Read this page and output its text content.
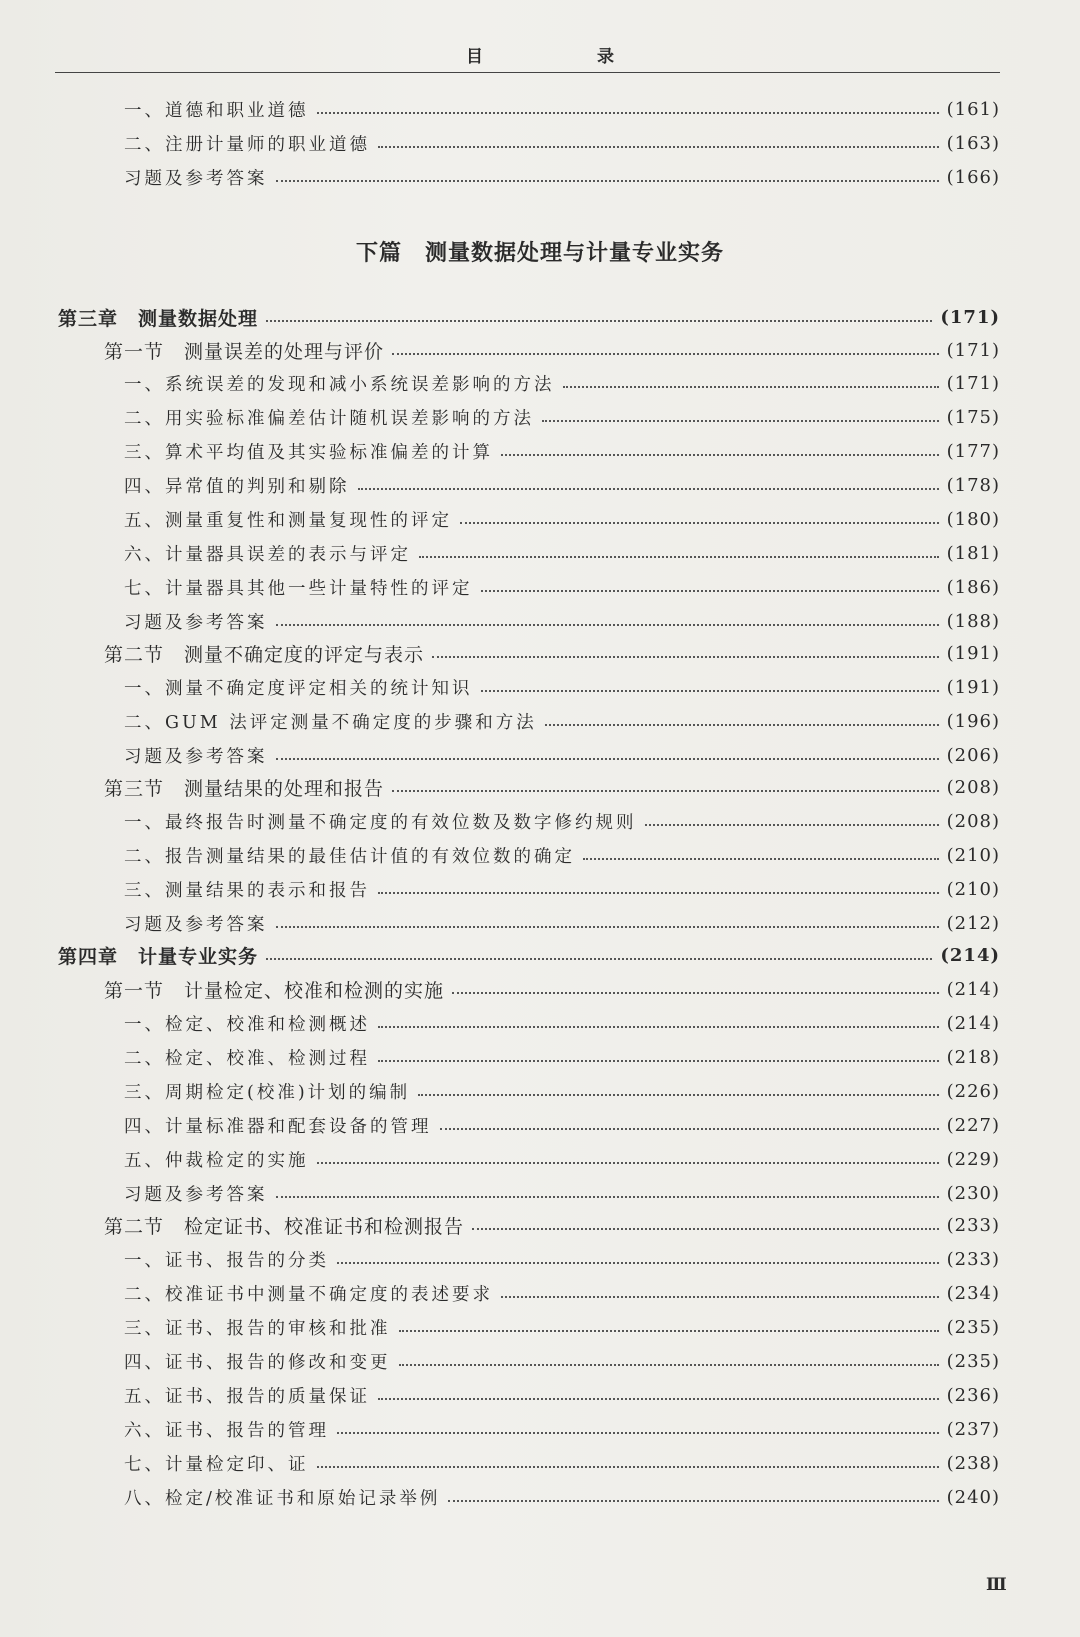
目 录
下篇　测量数据处理与计量专业实务
一、道德和职业道德	(161)
二、注册计量师的职业道德	(163)
习题及参考答案	(166)
第三章　测量数据处理	(171)
第一节　测量误差的处理与评价	(171)
一、系统误差的发现和减小系统误差影响的方法	(171)
二、用实验标准偏差估计随机误差影响的方法	(175)
三、算术平均值及其实验标准偏差的计算	(177)
四、异常值的判别和剔除	(178)
五、测量重复性和测量复现性的评定	(180)
六、计量器具误差的表示与评定	(181)
七、计量器具其他一些计量特性的评定	(186)
习题及参考答案	(188)
第二节　测量不确定度的评定与表示	(191)
一、测量不确定度评定相关的统计知识	(191)
二、GUM 法评定测量不确定度的步骤和方法	(196)
习题及参考答案	(206)
第三节　测量结果的处理和报告	(208)
一、最终报告时测量不确定度的有效位数及数字修约规则	(208)
二、报告测量结果的最佳估计值的有效位数的确定	(210)
三、测量结果的表示和报告	(210)
习题及参考答案	(212)
第四章　计量专业实务	(214)
第一节　计量检定、校准和检测的实施	(214)
一、检定、校准和检测概述	(214)
二、检定、校准、检测过程	(218)
三、周期检定(校准)计划的编制	(226)
四、计量标准器和配套设备的管理	(227)
五、仲裁检定的实施	(229)
习题及参考答案	(230)
第二节　检定证书、校准证书和检测报告	(233)
一、证书、报告的分类	(233)
二、校准证书中测量不确定度的表述要求	(234)
三、证书、报告的审核和批准	(235)
四、证书、报告的修改和变更	(235)
五、证书、报告的质量保证	(236)
六、证书、报告的管理	(237)
七、计量检定印、证	(238)
八、检定/校准证书和原始记录举例	(240)
Ⅲ
